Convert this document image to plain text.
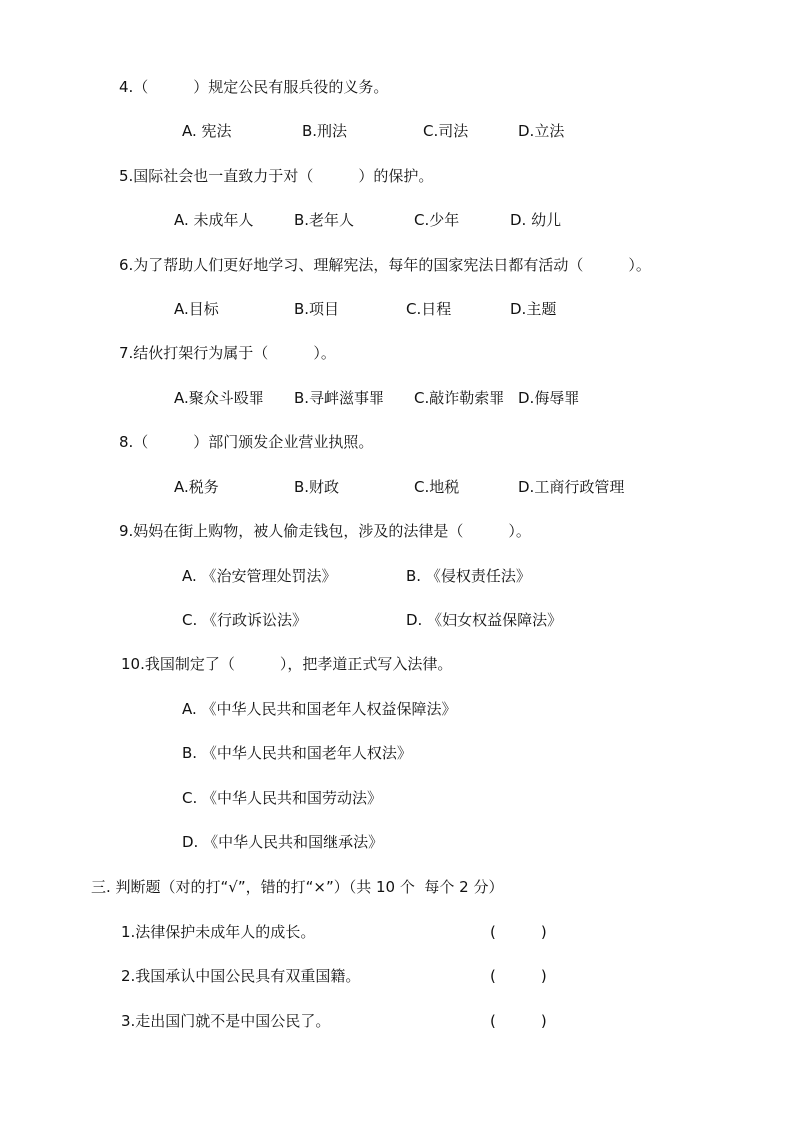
4.（　　　）规定公民有服兵役的义务。
A. 宪法	B.刑法	C.司法	D.立法
5.国际社会也一直致力于对（　　　）的保护。
A. 未成年人	B.老年人	C.少年	D. 幼儿
6.为了帮助人们更好地学习、理解宪法，每年的国家宪法日都有活动（　　　）。
A.目标	B.项目	C.日程	D.主题
7.结伙打架行为属于（　　　）。
A.聚众斗殴罪 B.寻衅滋事罪 C.敲诈勒索罪 D.侮辱罪
8.（　　　）部门颁发企业营业执照。
A.税务	B.财政	C.地税	D.工商行政管理
9.妈妈在街上购物，被人偷走钱包，涉及的法律是（　　　）。
A. 《治安管理处罚法》	B. 《侵权责任法》
C. 《行政诉讼法》	D. 《妇女权益保障法》
10.我国制定了（　　　），把孝道正式写入法律。
A. 《中华人民共和国老年人权益保障法》
B. 《中华人民共和国老年人权法》
C. 《中华人民共和国劳动法》
D. 《中华人民共和国继承法》
三. 判断题（对的打“√”，错的打“×”）（共 10 个  每个 2 分）
1.法律保护未成年人的成长。	(　　　)
2.我国承认中国公民具有双重国籍。	(　　　)
3.走出国门就不是中国公民了。	(　　　)
